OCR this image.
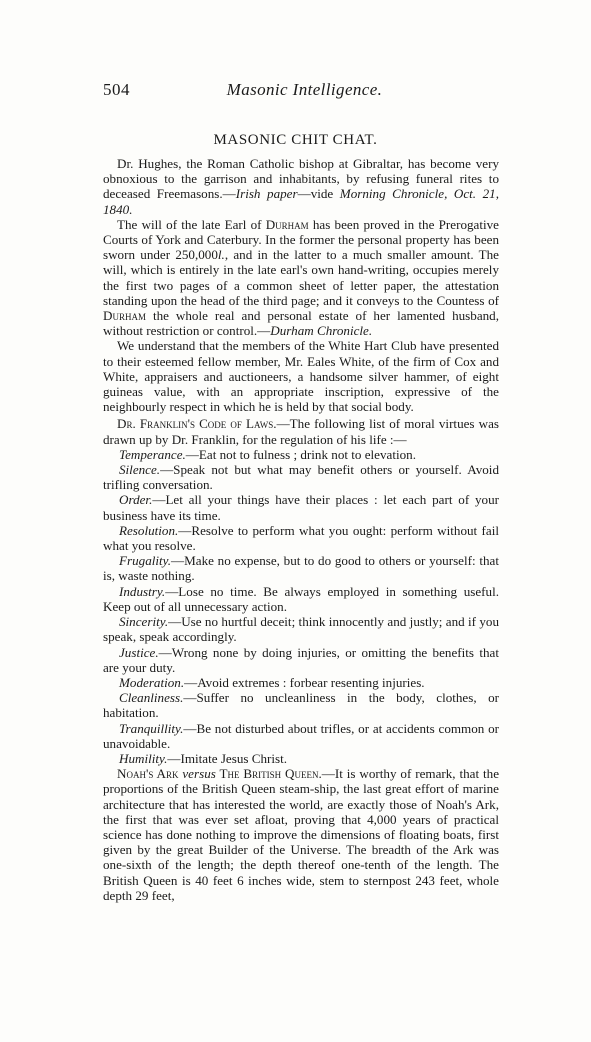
504	Masonic Intelligence.
MASONIC CHIT CHAT.

Dr. Hughes, the Roman Catholic bishop at Gibraltar, has become very obnoxious to the garrison and inhabitants, by refusing funeral rites to deceased Freemasons.—Irish paper—vide Morning Chronicle, Oct. 21, 1840.

The will of the late Earl of Durham has been proved in the Prerogative Courts of York and Caterbury. In the former the personal property has been sworn under 250,000l., and in the latter to a much smaller amount. The will, which is entirely in the late earl's own hand-writing, occupies merely the first two pages of a common sheet of letter paper, the attestation standing upon the head of the third page; and it conveys to the Countess of Durham the whole real and personal estate of her lamented husband, without restriction or control.—Durham Chronicle.

We understand that the members of the White Hart Club have presented to their esteemed fellow member, Mr. Eales White, of the firm of Cox and White, appraisers and auctioneers, a handsome silver hammer, of eight guineas value, with an appropriate inscription, expressive of the neighbourly respect in which he is held by that social body.

Dr. Franklin's Code of Laws.—The following list of moral virtues was drawn up by Dr. Franklin, for the regulation of his life :—

Temperance.—Eat not to fulness ; drink not to elevation.

Silence.—Speak not but what may benefit others or yourself. Avoid trifling conversation.

Order.—Let all your things have their places : let each part of your business have its time.

Resolution.—Resolve to perform what you ought: perform without fail what you resolve.

Frugality.—Make no expense, but to do good to others or yourself: that is, waste nothing.

Industry.—Lose no time. Be always employed in something useful. Keep out of all unnecessary action.

Sincerity.—Use no hurtful deceit; think innocently and justly; and if you speak, speak accordingly.

Justice.—Wrong none by doing injuries, or omitting the benefits that are your duty.

Moderation.—Avoid extremes : forbear resenting injuries.

Cleanliness.—Suffer no uncleanliness in the body, clothes, or habitation.

Tranquillity.—Be not disturbed about trifles, or at accidents common or unavoidable.

Humility.—Imitate Jesus Christ.

Noah's Ark versus The British Queen.—It is worthy of remark, that the proportions of the British Queen steam-ship, the last great effort of marine architecture that has interested the world, are exactly those of Noah's Ark, the first that was ever set afloat, proving that 4,000 years of practical science has done nothing to improve the dimensions of floating boats, first given by the great Builder of the Universe. The breadth of the Ark was one-sixth of the length; the depth thereof one-tenth of the length. The British Queen is 40 feet 6 inches wide, stem to sternpost 243 feet, whole depth 29 feet,
